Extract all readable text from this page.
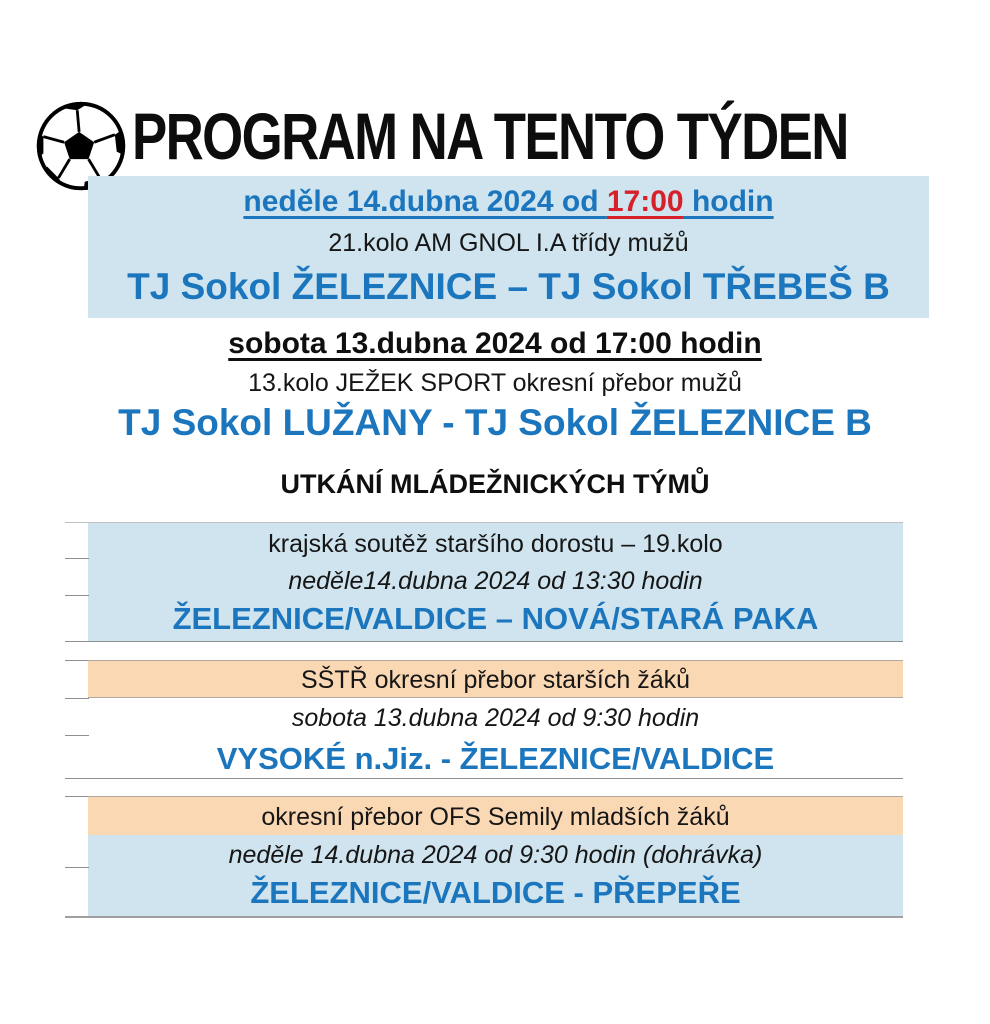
PROGRAM NA TENTO TÝDEN
neděle 14.dubna 2024 od 17:00 hodin
21.kolo AM GNOL I.A třídy mužů
TJ Sokol ŽELEZNICE – TJ Sokol TŘEBEŠ B
sobota 13.dubna 2024 od 17:00 hodin
13.kolo JEŽEK SPORT okresní přebor mužů
TJ Sokol LUŽANY - TJ Sokol ŽELEZNICE B
UTKÁNÍ MLÁDEŽNICKÝCH TÝMŮ
krajská soutěž staršího dorostu – 19.kolo
neděle14.dubna 2024 od 13:30 hodin
ŽELEZNICE/VALDICE – NOVÁ/STARÁ PAKA
SŠTŘ okresní přebor starších žáků
sobota 13.dubna 2024 od 9:30 hodin
VYSOKÉ n.Jiz. - ŽELEZNICE/VALDICE
okresní přebor OFS Semily mladších žáků
neděle 14.dubna 2024 od 9:30 hodin (dohrávka)
ŽELEZNICE/VALDICE - PŘEPEŘE
